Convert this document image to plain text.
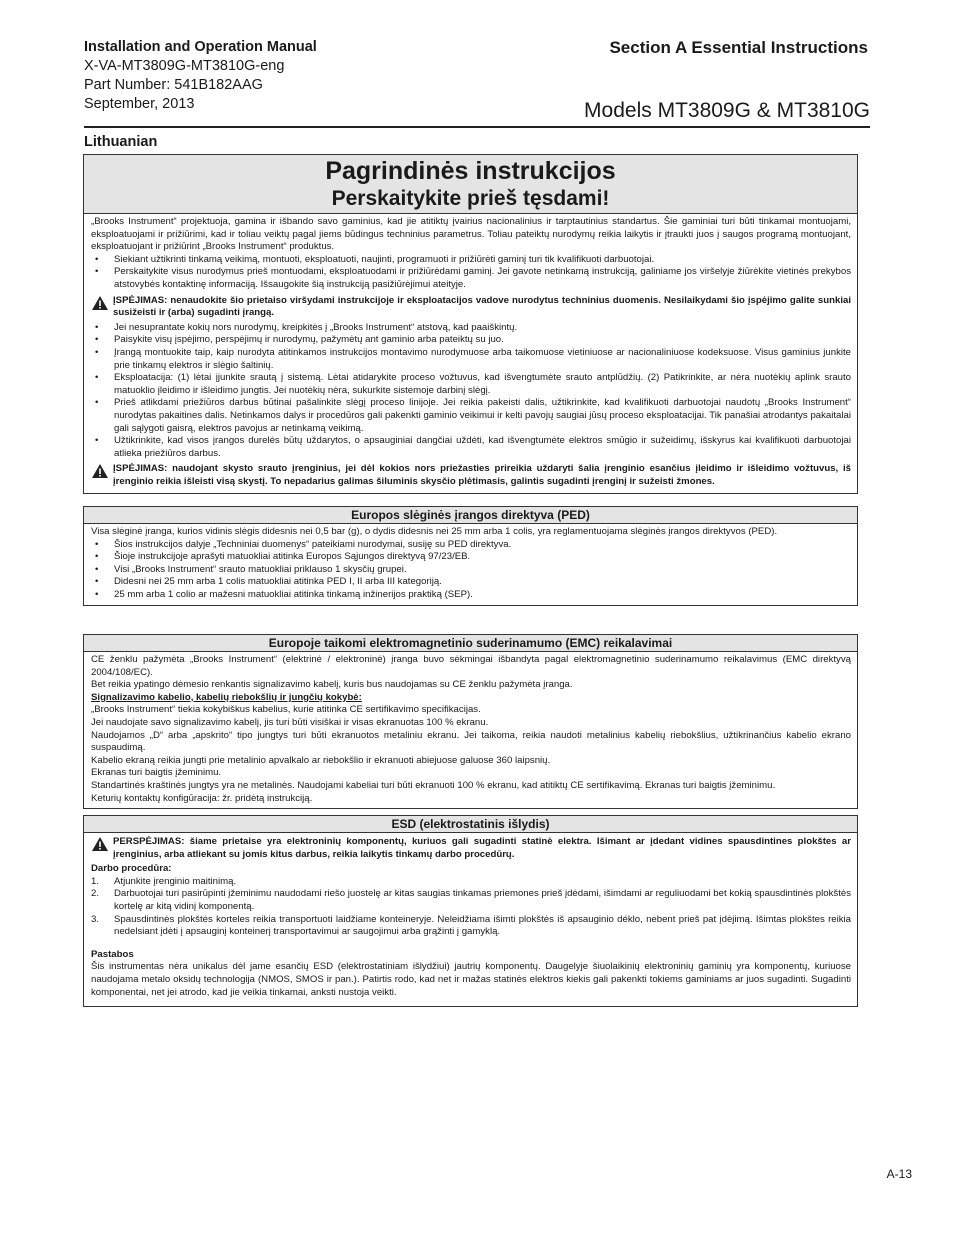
Installation and Operation Manual
X-VA-MT3809G-MT3810G-eng
Part Number: 541B182AAG
September, 2013
Section A Essential Instructions
Models MT3809G & MT3810G
Lithuanian
Pagrindinės instrukcijos
Perskaitykite prieš tęsdami!

„Brooks Instrument“ projektuoja, gamina ir išbando savo gaminius, kad jie atitiktų įvairius nacionalinius ir tarptautinius standartus. Šie gaminiai turi būti tinkamai montuojami, eksploatuojami ir prižiūrimi, kad ir toliau veiktų pagal jiems būdingus techninius parametrus. Toliau pateiktų nurodymų reikia laikytis ir įtraukti juos į saugos programą montuojant, eksploatuojant ir prižiūrint „Brooks Instrument“ produktus.

• Siekiant užtikrinti tinkamą veikimą, montuoti, eksploatuoti, naujinti, programuoti ir prižiūrėti gaminį turi tik kvalifikuoti darbuotojai.
• Perskaitykite visus nurodymus prieš montuodami, eksploatuodami ir prižiūrėdami gaminį. Jei gavote netinkamą instrukciją, galiniame jos viršelyje žiūrėkite vietinės prekybos atstovybės kontaktinę informaciją. Išsaugokite šią instrukciją pasižiūrėjimui ateityje.
ĮSPĖJIMAS: nenaudokite šio prietaiso viršydami instrukcijoje ir eksploatacijos vadove nurodytus techninius duomenis. Nesilaikydami šio įspėjimo galite sunkiai susižeisti ir (arba) sugadinti įrangą.
• Jei nesuprantate kokių nors nurodymų, kreipkitės į „Brooks Instrument“ atstovą, kad paaiškintų.
• Paisykite visų įspėjimo, perspėjimų ir nurodymų, pažymėtų ant gaminio arba pateiktų su juo.
• Įrangą montuokite taip, kaip nurodyta atitinkamos instrukcijos montavimo nurodymuose arba taikomuose vietiniuose ar nacionaliniuose kodeksuose. Visus gaminius junkite prie tinkamų elektros ir slėgio šaltinių.
• Eksploatacija: (1) lėtai įjunkite srautą į sistemą. Lėtai atidarykite proceso vožtuvus, kad išvengtumėte srauto antplūdžių. (2) Patikrinkite, ar nėra nuotėkių aplink srauto matuoklio įleidimo ir išleidimo jungtis. Jei nuotėkių nėra, sukurkite sistemoje darbinį slėgį.
• Prieš atlikdami priežiūros darbus būtinai pašalinkite slėgį proceso linijoje. Jei reikia pakeisti dalis, užtikrinkite, kad kvalifikuoti darbuotojai naudotų „Brooks Instrument“ nurodytas pakaitines dalis. Netinkamos dalys ir procedūros gali pakenkti gaminio veikimui ir kelti pavojų saugiai jūsų proceso eksploatacijai. Tik panašiai atrodantys pakaitalai gali sąlygoti gaisrą, elektros pavojus ar netinkamą veikimą.
• Užtikrinkite, kad visos įrangos durelės būtų uždarytos, o apsauginiai dangčiai uždėti, kad išvengtumėte elektros smūgio ir sužeidimų, išskyrus kai kvalifikuoti darbuotojai atlieka priežiūros darbus.
ĮSPĖJIMAS: naudojant skysto srauto įrenginius, jei dėl kokios nors priežasties prireikia uždaryti šalia įrenginio esančius įleidimo ir išleidimo vožtuvus, iš įrenginio reikia išleisti visą skystį. To nepadarius galimas šiluminis skysčio plėtimasis, galintis sugadinti įrenginį ir sužeisti žmones.
Europos slėginės įrangos direktyva (PED)

Visa slėginė įranga, kurios vidinis slėgis didesnis nei 0,5 bar (g), o dydis didesnis nei 25 mm arba 1 colis, yra reglamentuojama slėginės įrangos direktyvos (PED).

• Šios instrukcijos dalyje „Techniniai duomenys“ pateikiami nurodymai, susiję su PED direktyva.
• Šioje instrukcijoje aprašyti matuokliai atitinka Europos Sąjungos direktyvą 97/23/EB.
• Visi „Brooks Instrument“ srauto matuokliai priklauso 1 skysčių grupei.
• Didesni nei 25 mm arba 1 colis matuokliai atitinka PED I, II arba III kategoriją.
• 25 mm arba 1 colio ar mažesni matuokliai atitinka tinkamą inžinerijos praktiką (SEP).
Europoje taikomi elektromagnetinio suderinamumo (EMC) reikalavimai

CE ženklu pažymėta „Brooks Instrument“ (elektrinė / elektroninė) įranga buvo sėkmingai išbandyta pagal elektromagnetinio suderinamumo reikalavimus (EMC direktyvą 2004/108/EC).

Bet reikia ypatingo dėmesio renkantis signalizavimo kabelį, kuris bus naudojamas su CE ženklu pažymėta įranga.

Signalizavimo kabelio, kabelių riebokšlių ir jungčių kokybė:

„Brooks Instrument“ tiekia kokybiškus kabelius, kurie atitinka CE sertifikavimo specifikacijas.

Jei naudojate savo signalizavimo kabelį, jis turi būti visiškai ir visas ekranuotas 100 % ekranu.

Naudojamos „D“ arba „apskrito“ tipo jungtys turi būti ekranuotos metaliniu ekranu. Jei taikoma, reikia naudoti metalinius kabelių riebokšlius, užtikrinančius kabelio ekrano suspaudimą.

Kabelio ekraną reikia jungti prie metalinio apvalkalo ar riebokšlio ir ekranuoti abiejuose galuose 360 laipsnių.

Ekranas turi baigtis įžeminimu.

Standartinės kraštinės jungtys yra ne metalinės. Naudojami kabeliai turi būti ekranuoti 100 % ekranu, kad atitiktų CE sertifikavimą. Ekranas turi baigtis įžeminimu.

Keturių kontaktų konfigūracija: žr. pridėtą instrukciją.

ESD (elektrostatinis išlydis)
PERSPĖJIMAS: šiame prietaise yra elektroninių komponentų, kuriuos gali sugadinti statinė elektra. Išimant ar įdedant vidines spausdintines plokštes ar įrenginius, arba atliekant su jomis kitus darbus, reikia laikytis tinkamų darbo procedūrų.

Darbo procedūra:

1. Atjunkite įrenginio maitinimą.
2. Darbuotojai turi pasirūpinti įžeminimu naudodami riešo juostelę ar kitas saugias tinkamas priemones prieš įdėdami, išimdami ar reguliuodami bet kokią spausdintinės plokštės kortelę ar kitą vidinį komponentą.
3. Spausdintinės plokštės korteles reikia transportuoti laidžiame konteineryje. Neleidžiama išimti plokštės iš apsauginio déklo, nebent prieš pat įdėjimą. Išimtas plokštes reikia nedelsiant įdėti į apsauginį konteinerį transportavimui ar saugojimui arba grąžinti į gamyklą.

Pastabos

Šis instrumentas nėra unikalus dėl jame esančių ESD (elektrostatiniam išlydžiui) jautrių komponentų. Daugelyje šiuolaikinių elektroninių gaminių yra komponentų, kuriuose naudojama metalo oksidų technologija (NMOS, SMOS ir pan.). Patirtis rodo, kad net ir mažas statinės elektros kiekis gali pakenkti tokiems gaminiams ar juos sugadinti. Sugadinti komponentai, net jei atrodo, kad jie veikia tinkamai, anksti nustoja veikti.

A-13
